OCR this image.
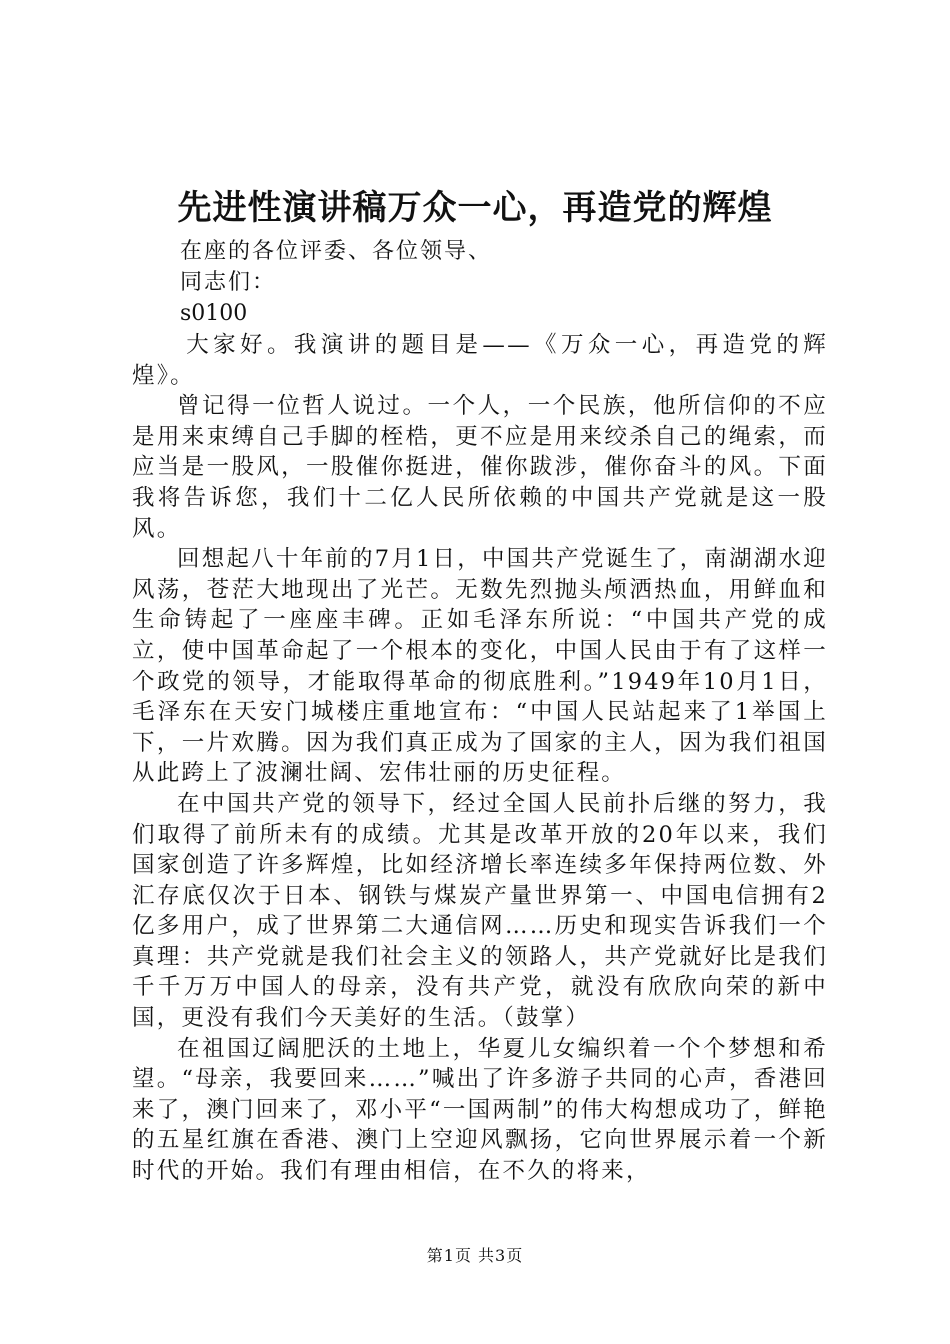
先进性演讲稿万众一心，再造党的辉煌
在座的各位评委、各位领导、
同志们：
s0100

大家好。我演讲的题目是——《万众一心，再造党的辉煌》。

曾记得一位哲人说过。一个人，一个民族，他所信仰的不应是用来束缚自己手脚的桎梏，更不应是用来绞杀自己的绳索，而应当是一股风，一股催你挺进，催你跋涉，催你奋斗的风。下面我将告诉您，我们十二亿人民所依赖的中国共产党就是这一股风。

回想起八十年前的7月1日，中国共产党诞生了，南湖湖水迎风荡，苍茫大地现出了光芒。无数先烈抛头颅洒热血，用鲜血和生命铸起了一座座丰碑。正如毛泽东所说：“中国共产党的成立，使中国革命起了一个根本的变化，中国人民由于有了这样一个政党的领导，才能取得革命的彻底胜利。”1949年10月1日，毛泽东在天安门城楼庄重地宣布：“中国人民站起来了1举国上下，一片欢腾。因为我们真正成为了国家的主人，因为我们祖国从此跨上了波澜壮阔、宏伟壮丽的历史征程。

在中国共产党的领导下，经过全国人民前扑后继的努力，我们取得了前所未有的成绩。尤其是改革开放的20年以来，我们国家创造了许多辉煌，比如经济增长率连续多年保持两位数、外汇存底仅次于日本、钢铁与煤炭产量世界第一、中国电信拥有2亿多用户，成了世界第二大通信网……历史和现实告诉我们一个真理：共产党就是我们社会主义的领路人，共产党就好比是我们千千万万中国人的母亲，没有共产党，就没有欣欣向荣的新中国，更没有我们今天美好的生活。（鼓掌）

在祖国辽阔肥沃的土地上，华夏儿女编织着一个个梦想和希望。“母亲，我要回来……”喊出了许多游子共同的心声，香港回来了，澳门回来了，邓小平“一国两制”的伟大构想成功了，鲜艳的五星红旗在香港、澳门上空迎风飘扬，它向世界展示着一个新时代的开始。我们有理由相信，在不久的将来，

第1页 共3页
